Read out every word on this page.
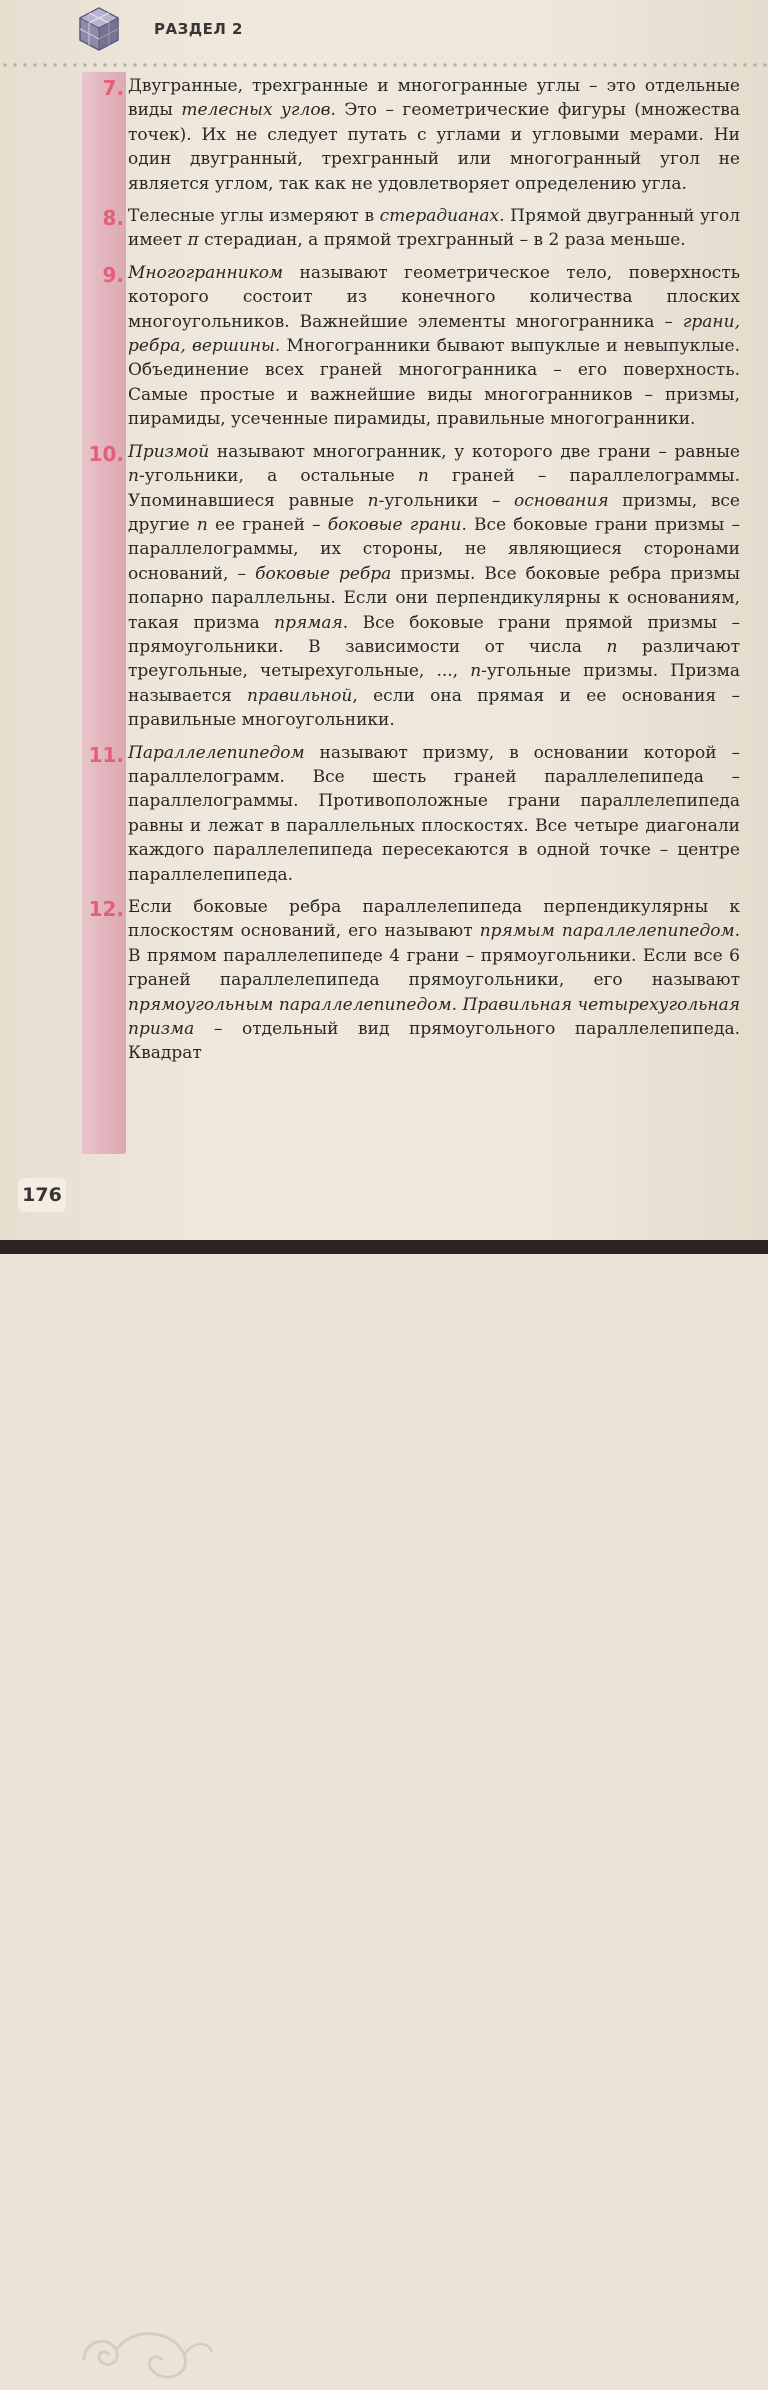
РАЗДЕЛ 2
7. Двугранные, трехгранные и многогранные углы – это отдельные виды телесных углов. Это – геометрические фигуры (множества точек). Их не следует путать с углами и угловыми мерами. Ни один двугранный, трехгранный или многогранный угол не является углом, так как не удовлетворяет определению угла.

8. Телесные углы измеряют в стерадианах. Прямой двугранный угол имеет π стерадиан, а прямой трехгранный – в 2 раза меньше.

9. Многогранником называют геометрическое тело, поверхность которого состоит из конечного количества плоских многоугольников. Важнейшие элементы многогранника – грани, ребра, вершины. Многогранники бывают выпуклые и невыпуклые. Объединение всех граней многогранника – его поверхность. Самые простые и важнейшие виды многогранников – призмы, пирамиды, усеченные пирамиды, правильные многогранники.

10. Призмой называют многогранник, у которого две грани – равные n-угольники, а остальные n граней – параллелограммы. Упоминавшиеся равные n-угольники – основания призмы, все другие n ее граней – боковые грани. Все боковые грани призмы – параллелограммы, их стороны, не являющиеся сторонами оснований, – боковые ребра призмы. Все боковые ребра призмы попарно параллельны. Если они перпендикулярны к основаниям, такая призма прямая. Все боковые грани прямой призмы – прямоугольники. В зависимости от числа n различают треугольные, четырехугольные, ..., n-угольные призмы. Призма называется правильной, если она прямая и ее основания – правильные многоугольники.

11. Параллелепипедом называют призму, в основании которой – параллелограмм. Все шесть граней параллелепипеда – параллелограммы. Противоположные грани параллелепипеда равны и лежат в параллельных плоскостях. Все четыре диагонали каждого параллелепипеда пересекаются в одной точке – центре параллелепипеда.

12. Если боковые ребра параллелепипеда перпендикулярны к плоскостям оснований, его называют прямым параллелепипедом. В прямом параллелепипеде 4 грани – прямоугольники. Если все 6 граней параллелепипеда прямоугольники, его называют прямоугольным параллелепипедом. Правильная четырехугольная призма – отдельный вид прямоугольного параллелепипеда. Квадрат

176
